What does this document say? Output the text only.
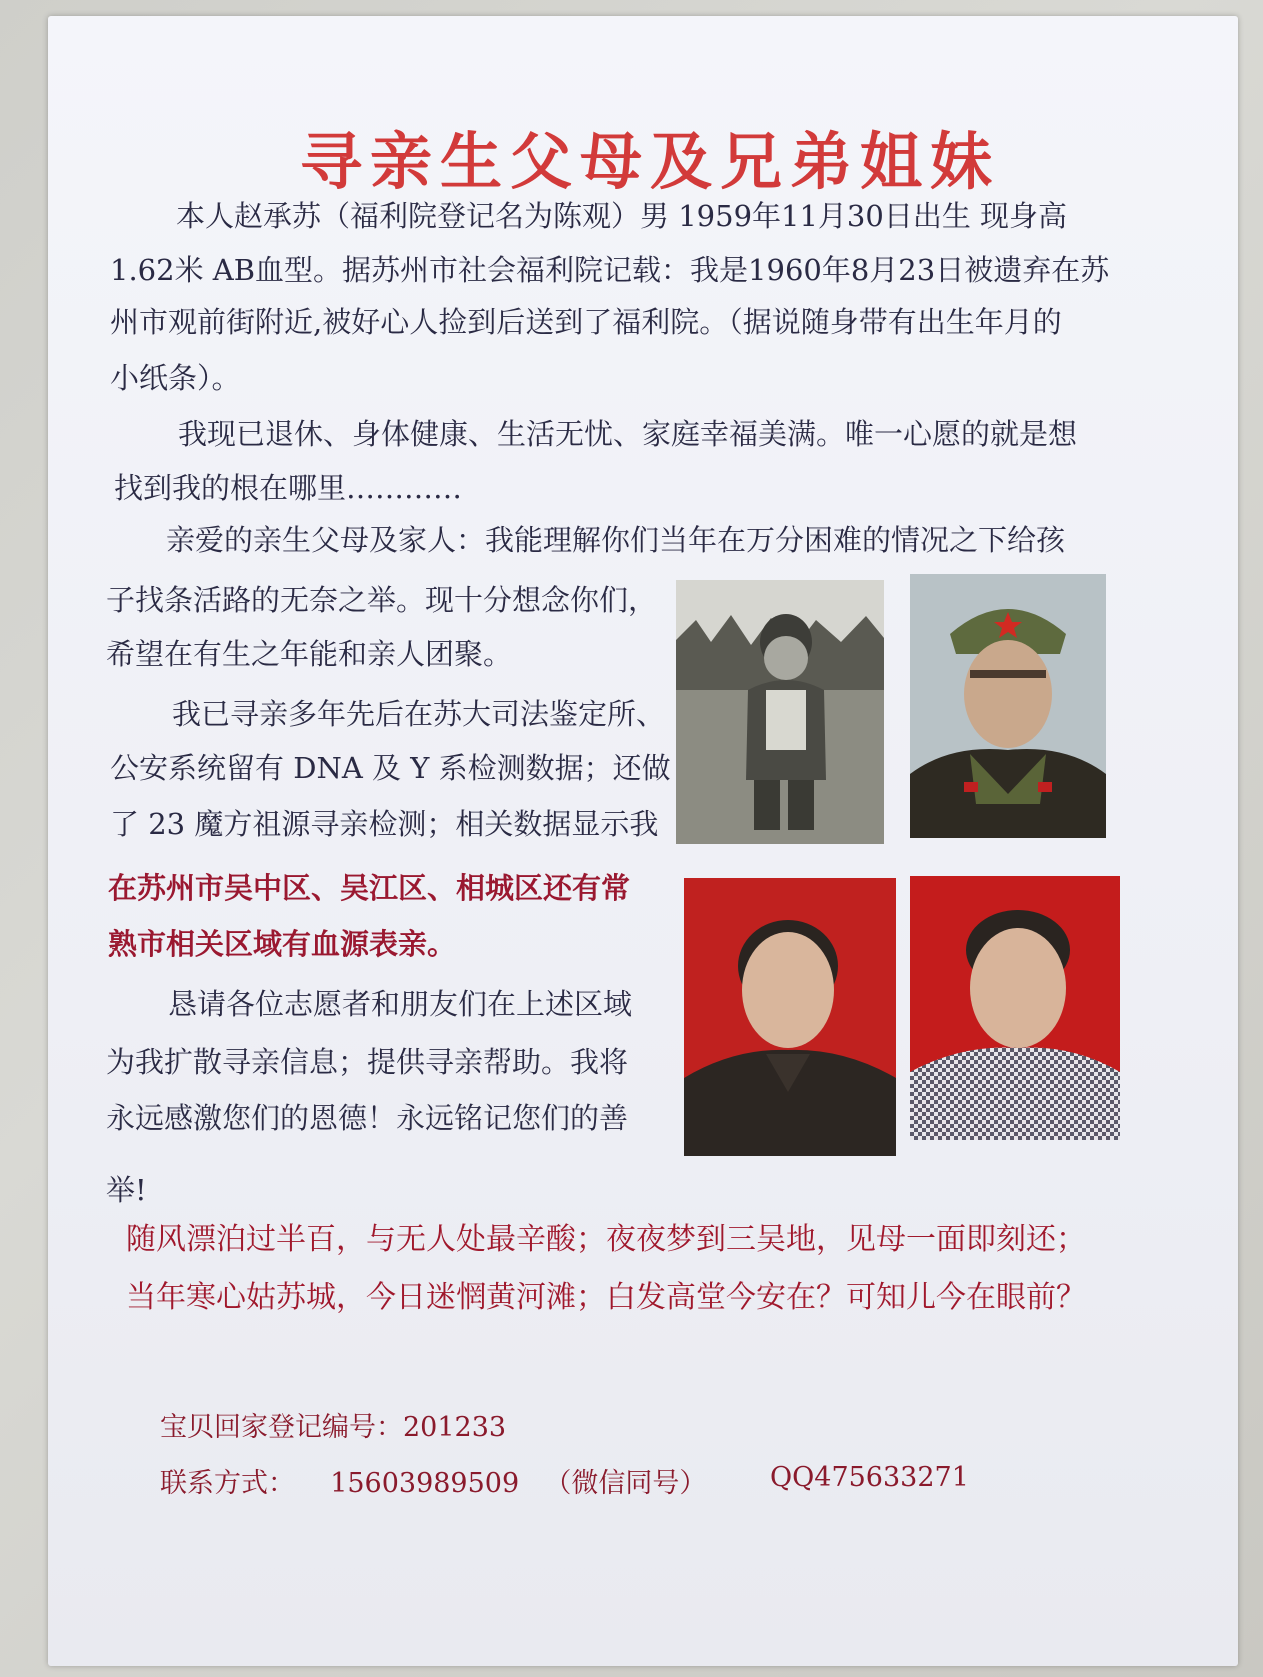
寻亲生父母及兄弟姐妹
本人赵承苏（福利院登记名为陈观）男 1959年11月30日出生 现身高
1.62米 AB血型。据苏州市社会福利院记载：我是1960年8月23日被遗弃在苏
州市观前街附近,被好心人捡到后送到了福利院。（据说随身带有出生年月的
小纸条）。
我现已退休、身体健康、生活无忧、家庭幸福美满。唯一心愿的就是想
找到我的根在哪里…………
亲爱的亲生父母及家人：我能理解你们当年在万分困难的情况之下给孩
子找条活路的无奈之举。现十分想念你们，
希望在有生之年能和亲人团聚。
我已寻亲多年先后在苏大司法鉴定所、
公安系统留有 DNA 及 Y 系检测数据；还做
了 23 魔方祖源寻亲检测；相关数据显示我
在苏州市吴中区、吴江区、相城区还有常
熟市相关区域有血源表亲。
恳请各位志愿者和朋友们在上述区域
为我扩散寻亲信息；提供寻亲帮助。我将
永远感激您们的恩德！永远铭记您们的善
举!
随风漂泊过半百，与无人处最辛酸；夜夜梦到三吴地，见母一面即刻还；
当年寒心姑苏城，今日迷惘黄河滩；白发高堂今安在？可知儿今在眼前？
宝贝回家登记编号：201233
联系方式： 15603989509 （微信同号） QQ475633271
